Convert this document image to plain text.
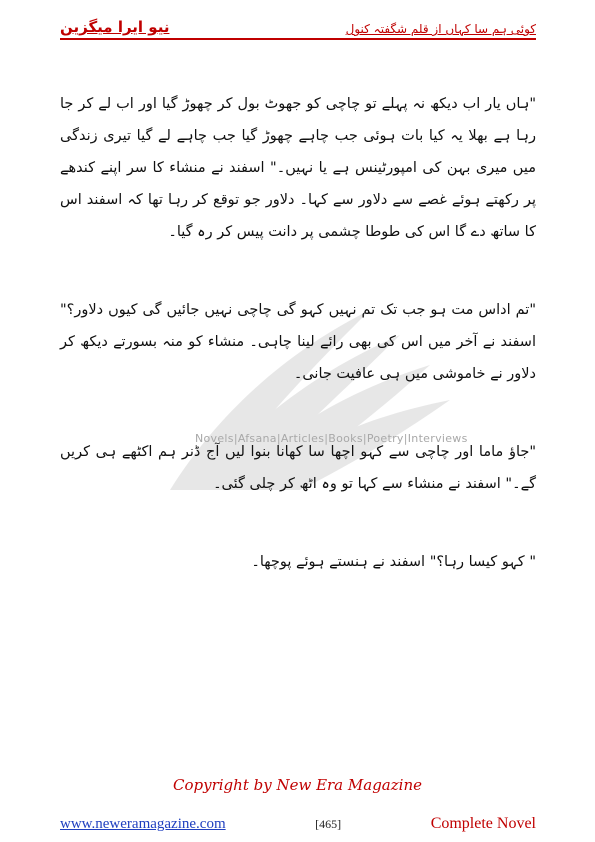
نیو ایرا میگزین	کوئی ہم سا کہاں از قلم شگفتہ کنول
Novels|Afsana|Articles|Books|Poetry|Interviews

"ہاں یار اب دیکھ نہ پہلے تو چاچی کو جھوٹ بول کر چھوڑ گیا اور اب لے کر جا رہا ہے بھلا یہ کیا بات ہوئی جب چاہے چھوڑ گیا جب چاہے لے گیا تیری زندگی میں میری بہن کی امپورٹینس ہے یا نہیں۔" اسفند نے منشاء کا سر اپنے کندھے پر رکھتے ہوئے غصے سے دلاور سے کہا۔ دلاور جو توقع کر رہا تھا کہ اسفند اس کا ساتھ دے گا اس کی طوطا چشمی پر دانت پیس کر رہ گیا۔

"تم اداس مت ہو جب تک تم نہیں کہو گی چاچی نہیں جائیں گی کیوں دلاور؟" اسفند نے آخر میں اس کی بھی رائے لینا چاہی۔ منشاء کو منہ بسورتے دیکھ کر دلاور نے خاموشی میں ہی عافیت جانی۔

"جاؤ ماما اور چاچی سے کہو اچھا سا کھانا بنوا لیں آج ڈنر ہم اکٹھے ہی کریں گے۔" اسفند نے منشاء سے کہا تو وہ اٹھ کر چلی گئی۔

" کہو کیسا رہا؟" اسفند نے ہنستے ہوئے پوچھا۔

Copyright by New Era Magazine
www.neweramagazine.com	[465]	Complete Novel
